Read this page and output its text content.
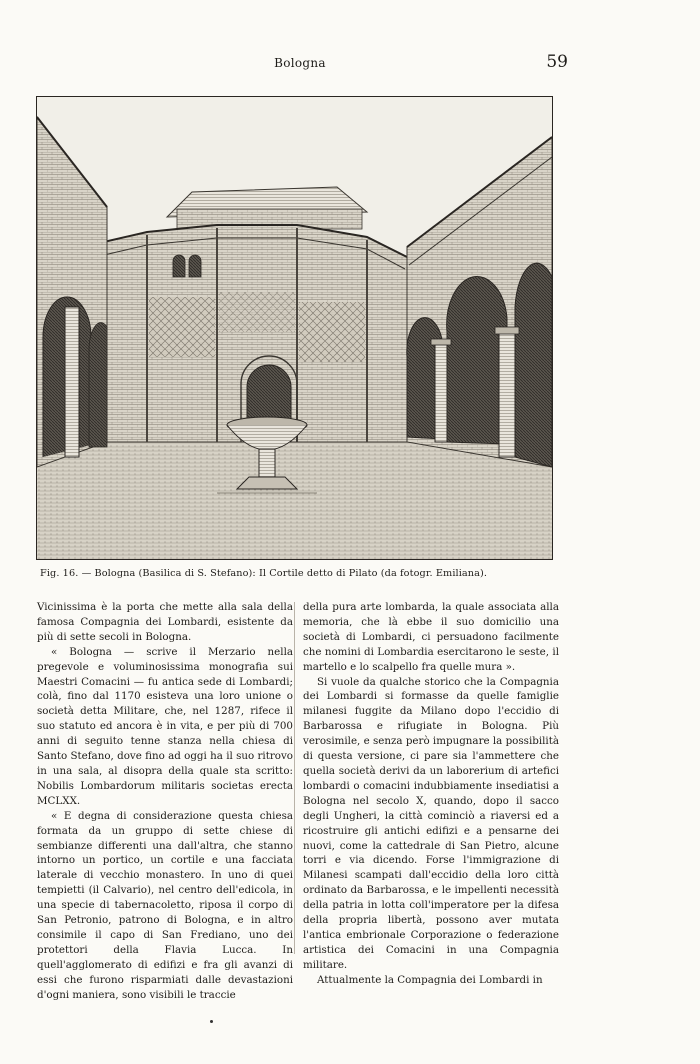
Bologna	59
Fig. 16. — Bologna (Basilica di S. Stefano): Il Cortile detto di Pilato (da fotogr. Emiliana).

Vicinissima è la porta che mette alla sala della famosa Compagnia dei Lombardi, esistente da più di sette secoli in Bologna.

« Bologna — scrive il Merzario nella pregevole e voluminosissima monografia sui Maestri Comacini — fu antica sede di Lombardi; colà, fino dal 1170 esisteva una loro unione o società detta Militare, che, nel 1287, rifece il suo statuto ed ancora è in vita, e per più di 700 anni di seguito tenne stanza nella chiesa di Santo Stefano, dove fino ad oggi ha il suo ritrovo in una sala, al disopra della quale sta scritto: Nobilis Lombardorum militaris societas erecta MCLXX.

« E degna di considerazione questa chiesa formata da un gruppo di sette chiese di sembianze differenti una dall'altra, che stanno intorno un portico, un cortile e una facciata laterale di vecchio monastero. In uno di quei tempietti (il Calvario), nel centro dell'edicola, in una specie di tabernacoletto, riposa il corpo di San Petronio, patrono di Bologna, e in altro consimile il capo di San Frediano, uno dei protettori della Flavia Lucca. In quell'agglomerato di edifizi e fra gli avanzi di essi che furono risparmiati dalle devastazioni d'ogni maniera, sono visibili le traccie

della pura arte lombarda, la quale associata alla memoria, che là ebbe il suo domicilio una società di Lombardi, ci persuadono facilmente che nomini di Lombardia esercitarono le seste, il martello e lo scalpello fra quelle mura ».

Si vuole da qualche storico che la Compagnia dei Lombardi si formasse da quelle famiglie milanesi fuggite da Milano dopo l'eccidio di Barbarossa e rifugiate in Bologna. Più verosimile, e senza però impugnare la possibilità di questa versione, ci pare sia l'ammettere che quella società derivi da un laborerium di artefici lombardi o comacini indubbiamente insediatisi a Bologna nel secolo X, quando, dopo il sacco degli Ungheri, la città cominciò a riaversi ed a ricostruire gli antichi edifizi e a pensarne dei nuovi, come la cattedrale di San Pietro, alcune torri e via dicendo. Forse l'immigrazione di Milanesi scampati dall'eccidio della loro città ordinato da Barbarossa, e le impellenti necessità della patria in lotta coll'imperatore per la difesa della propria libertà, possono aver mutata l'antica embrionale Corporazione o federazione artistica dei Comacini in una Compagnia militare.

Attualmente la Compagnia dei Lombardi in
